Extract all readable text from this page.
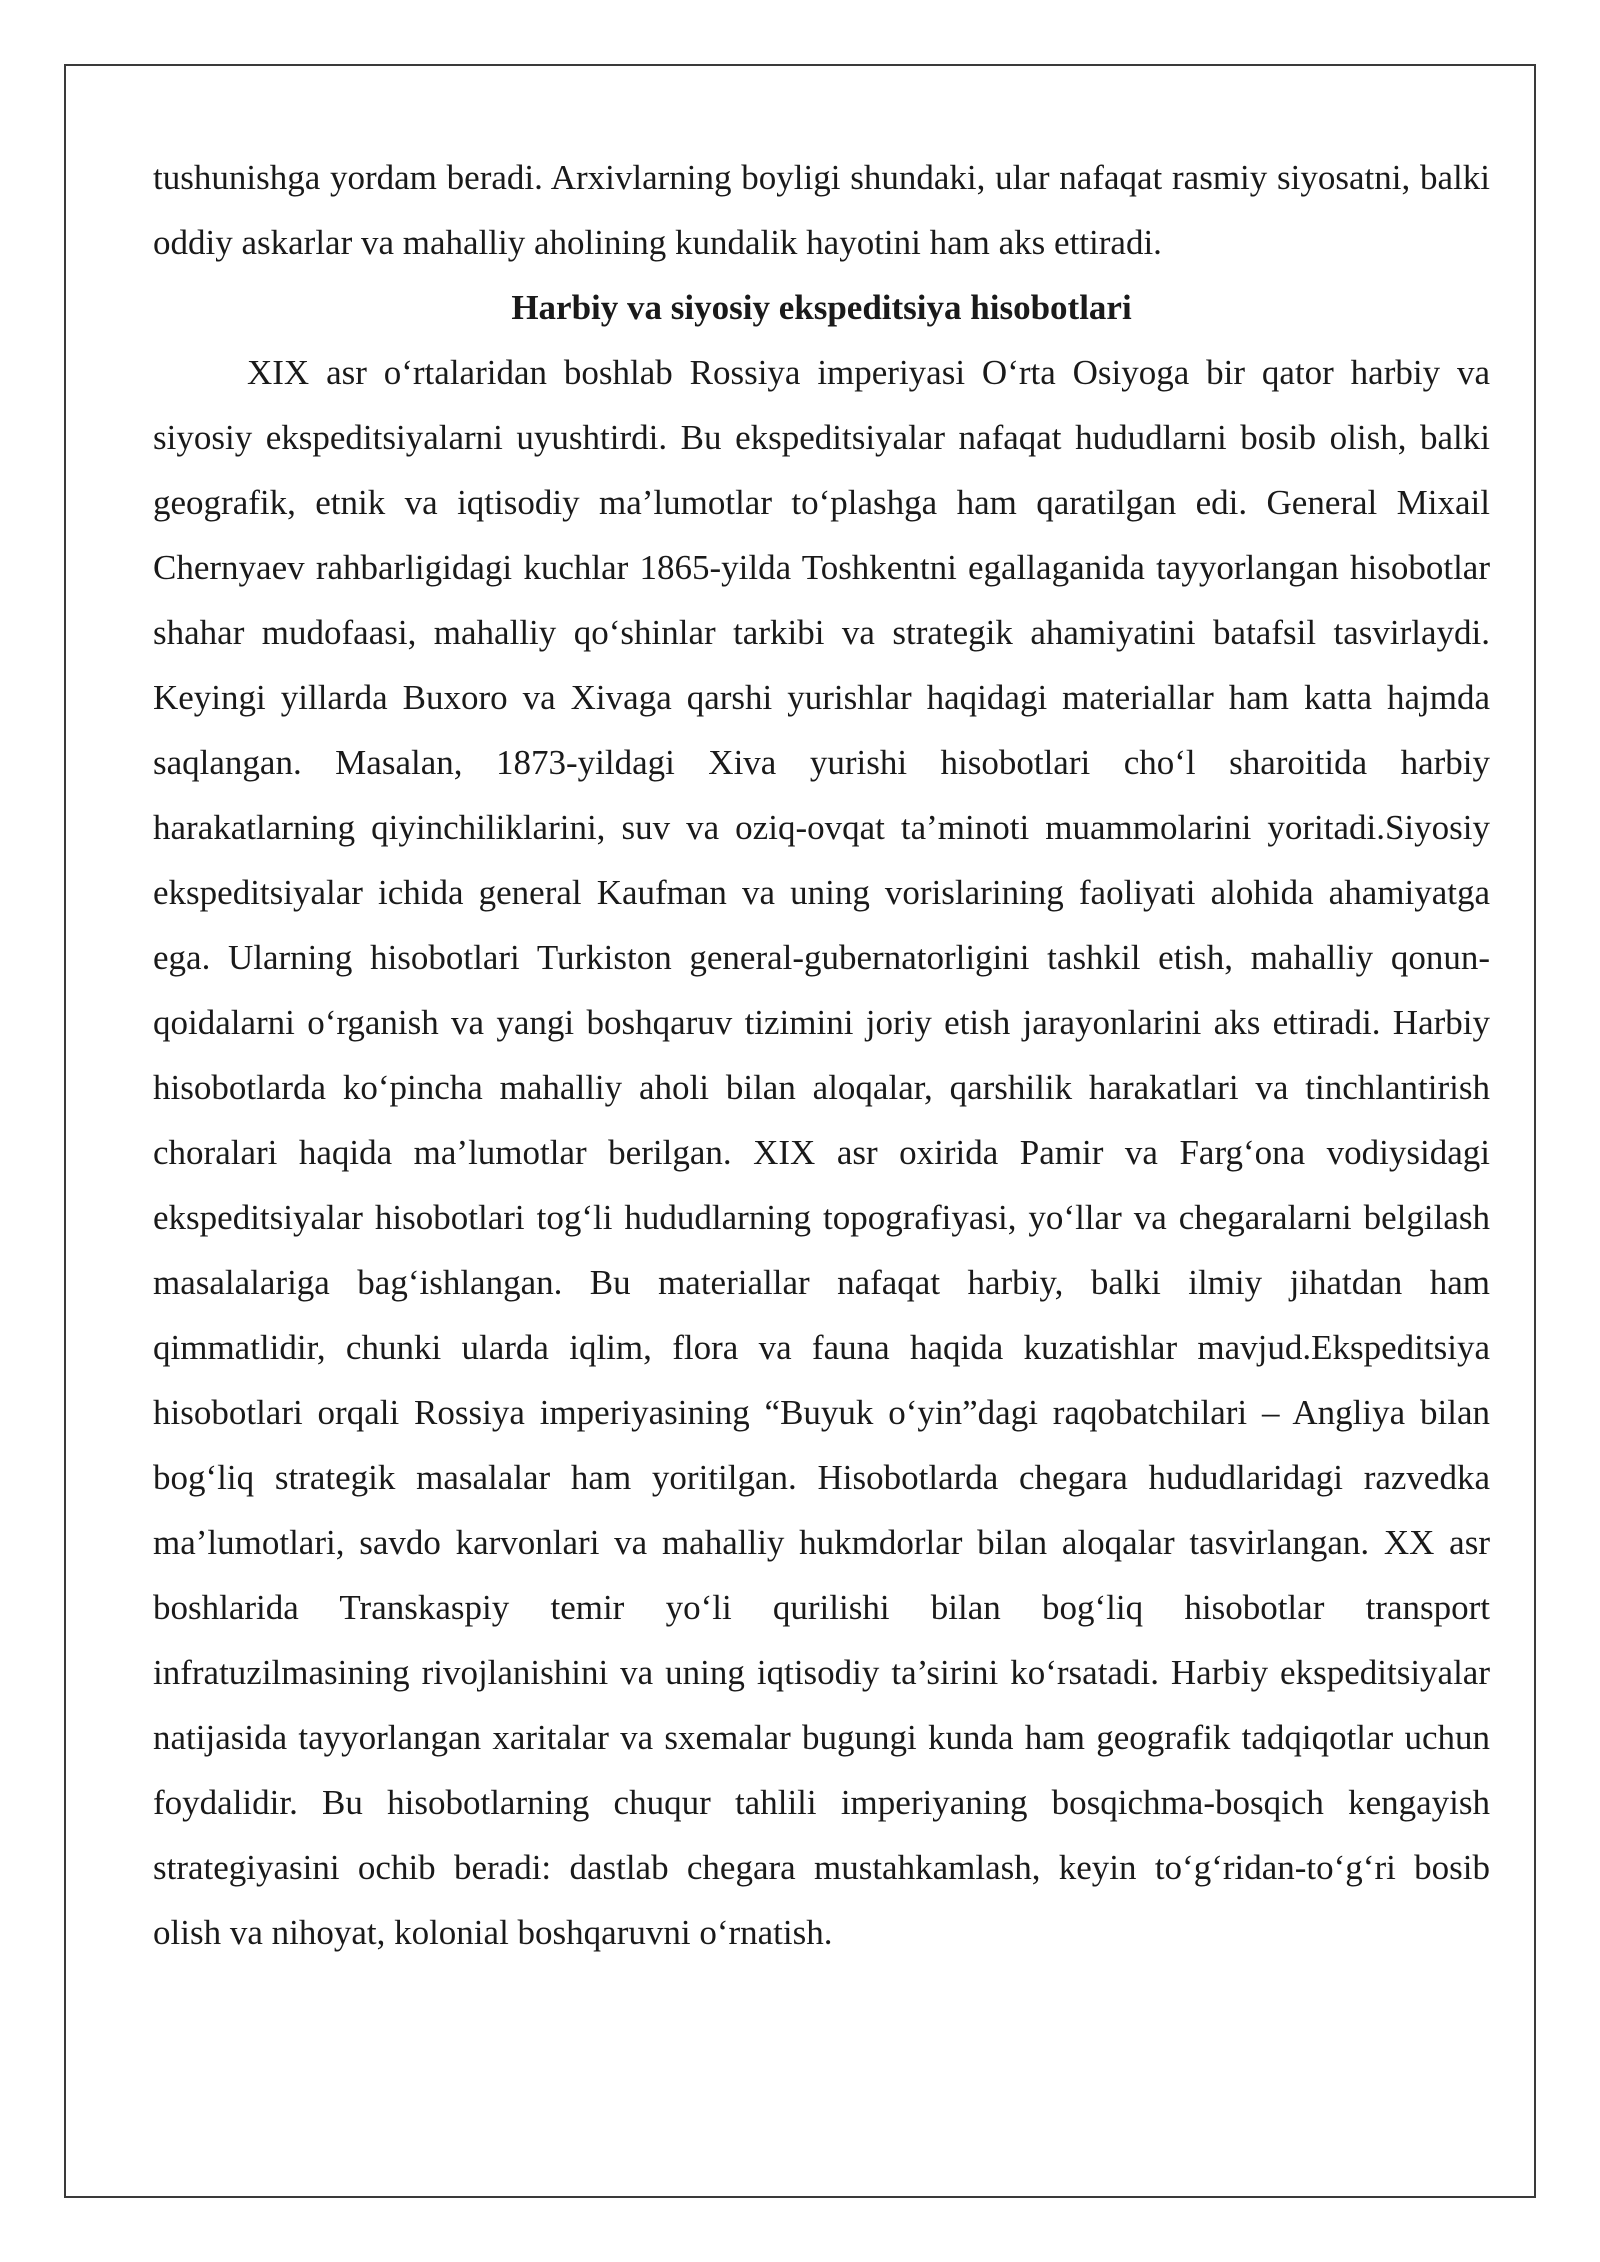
tushunishga yordam beradi. Arxivlarning boyligi shundaki, ular nafaqat rasmiy siyosatni, balki oddiy askarlar va mahalliy aholining kundalik hayotini ham aks ettiradi.

Harbiy va siyosiy ekspeditsiya hisobotlari

XIX asr o‘rtalaridan boshlab Rossiya imperiyasi O‘rta Osiyoga bir qator harbiy va siyosiy ekspeditsiyalarni uyushtirdi. Bu ekspeditsiyalar nafaqat hududlarni bosib olish, balki geografik, etnik va iqtisodiy ma’lumotlar to‘plashga ham qaratilgan edi. General Mixail Chernyaev rahbarligidagi kuchlar 1865-yilda Toshkentni egallaganida tayyorlangan hisobotlar shahar mudofaasi, mahalliy qo‘shinlar tarkibi va strategik ahamiyatini batafsil tasvirlaydi. Keyingi yillarda Buxoro va Xivaga qarshi yurishlar haqidagi materiallar ham katta hajmda saqlangan. Masalan, 1873-yildagi Xiva yurishi hisobotlari cho‘l sharoitida harbiy harakatlarning qiyinchiliklarini, suv va oziq-ovqat ta’minoti muammolarini yoritadi.Siyosiy ekspeditsiyalar ichida general Kaufman va uning vorislarining faoliyati alohida ahamiyatga ega. Ularning hisobotlari Turkiston general-gubernatorligini tashkil etish, mahalliy qonun-qoidalarni o‘rganish va yangi boshqaruv tizimini joriy etish jarayonlarini aks ettiradi. Harbiy hisobotlarda ko‘pincha mahalliy aholi bilan aloqalar, qarshilik harakatlari va tinchlantirish choralari haqida ma’lumotlar berilgan. XIX asr oxirida Pamir va Farg‘ona vodiysidagi ekspeditsiyalar hisobotlari tog‘li hududlarning topografiyasi, yo‘llar va chegaralarni belgilash masalalariga bag‘ishlangan. Bu materiallar nafaqat harbiy, balki ilmiy jihatdan ham qimmatlidir, chunki ularda iqlim, flora va fauna haqida kuzatishlar mavjud.Ekspeditsiya hisobotlari orqali Rossiya imperiyasining “Buyuk o‘yin”dagi raqobatchilari – Angliya bilan bog‘liq strategik masalalar ham yoritilgan. Hisobotlarda chegara hududlaridagi razvedka ma’lumotlari, savdo karvonlari va mahalliy hukmdorlar bilan aloqalar tasvirlangan. XX asr boshlarida Transkaspiy temir yo‘li qurilishi bilan bog‘liq hisobotlar transport infratuzilmasining rivojlanishini va uning iqtisodiy ta’sirini ko‘rsatadi. Harbiy ekspeditsiyalar natijasida tayyorlangan xaritalar va sxemalar bugungi kunda ham geografik tadqiqotlar uchun foydalidir. Bu hisobotlarning chuqur tahlili imperiyaning bosqichma-bosqich kengayish strategiyasini ochib beradi: dastlab chegara mustahkamlash, keyin to‘g‘ridan-to‘g‘ri bosib olish va nihoyat, kolonial boshqaruvni o‘rnatish.
